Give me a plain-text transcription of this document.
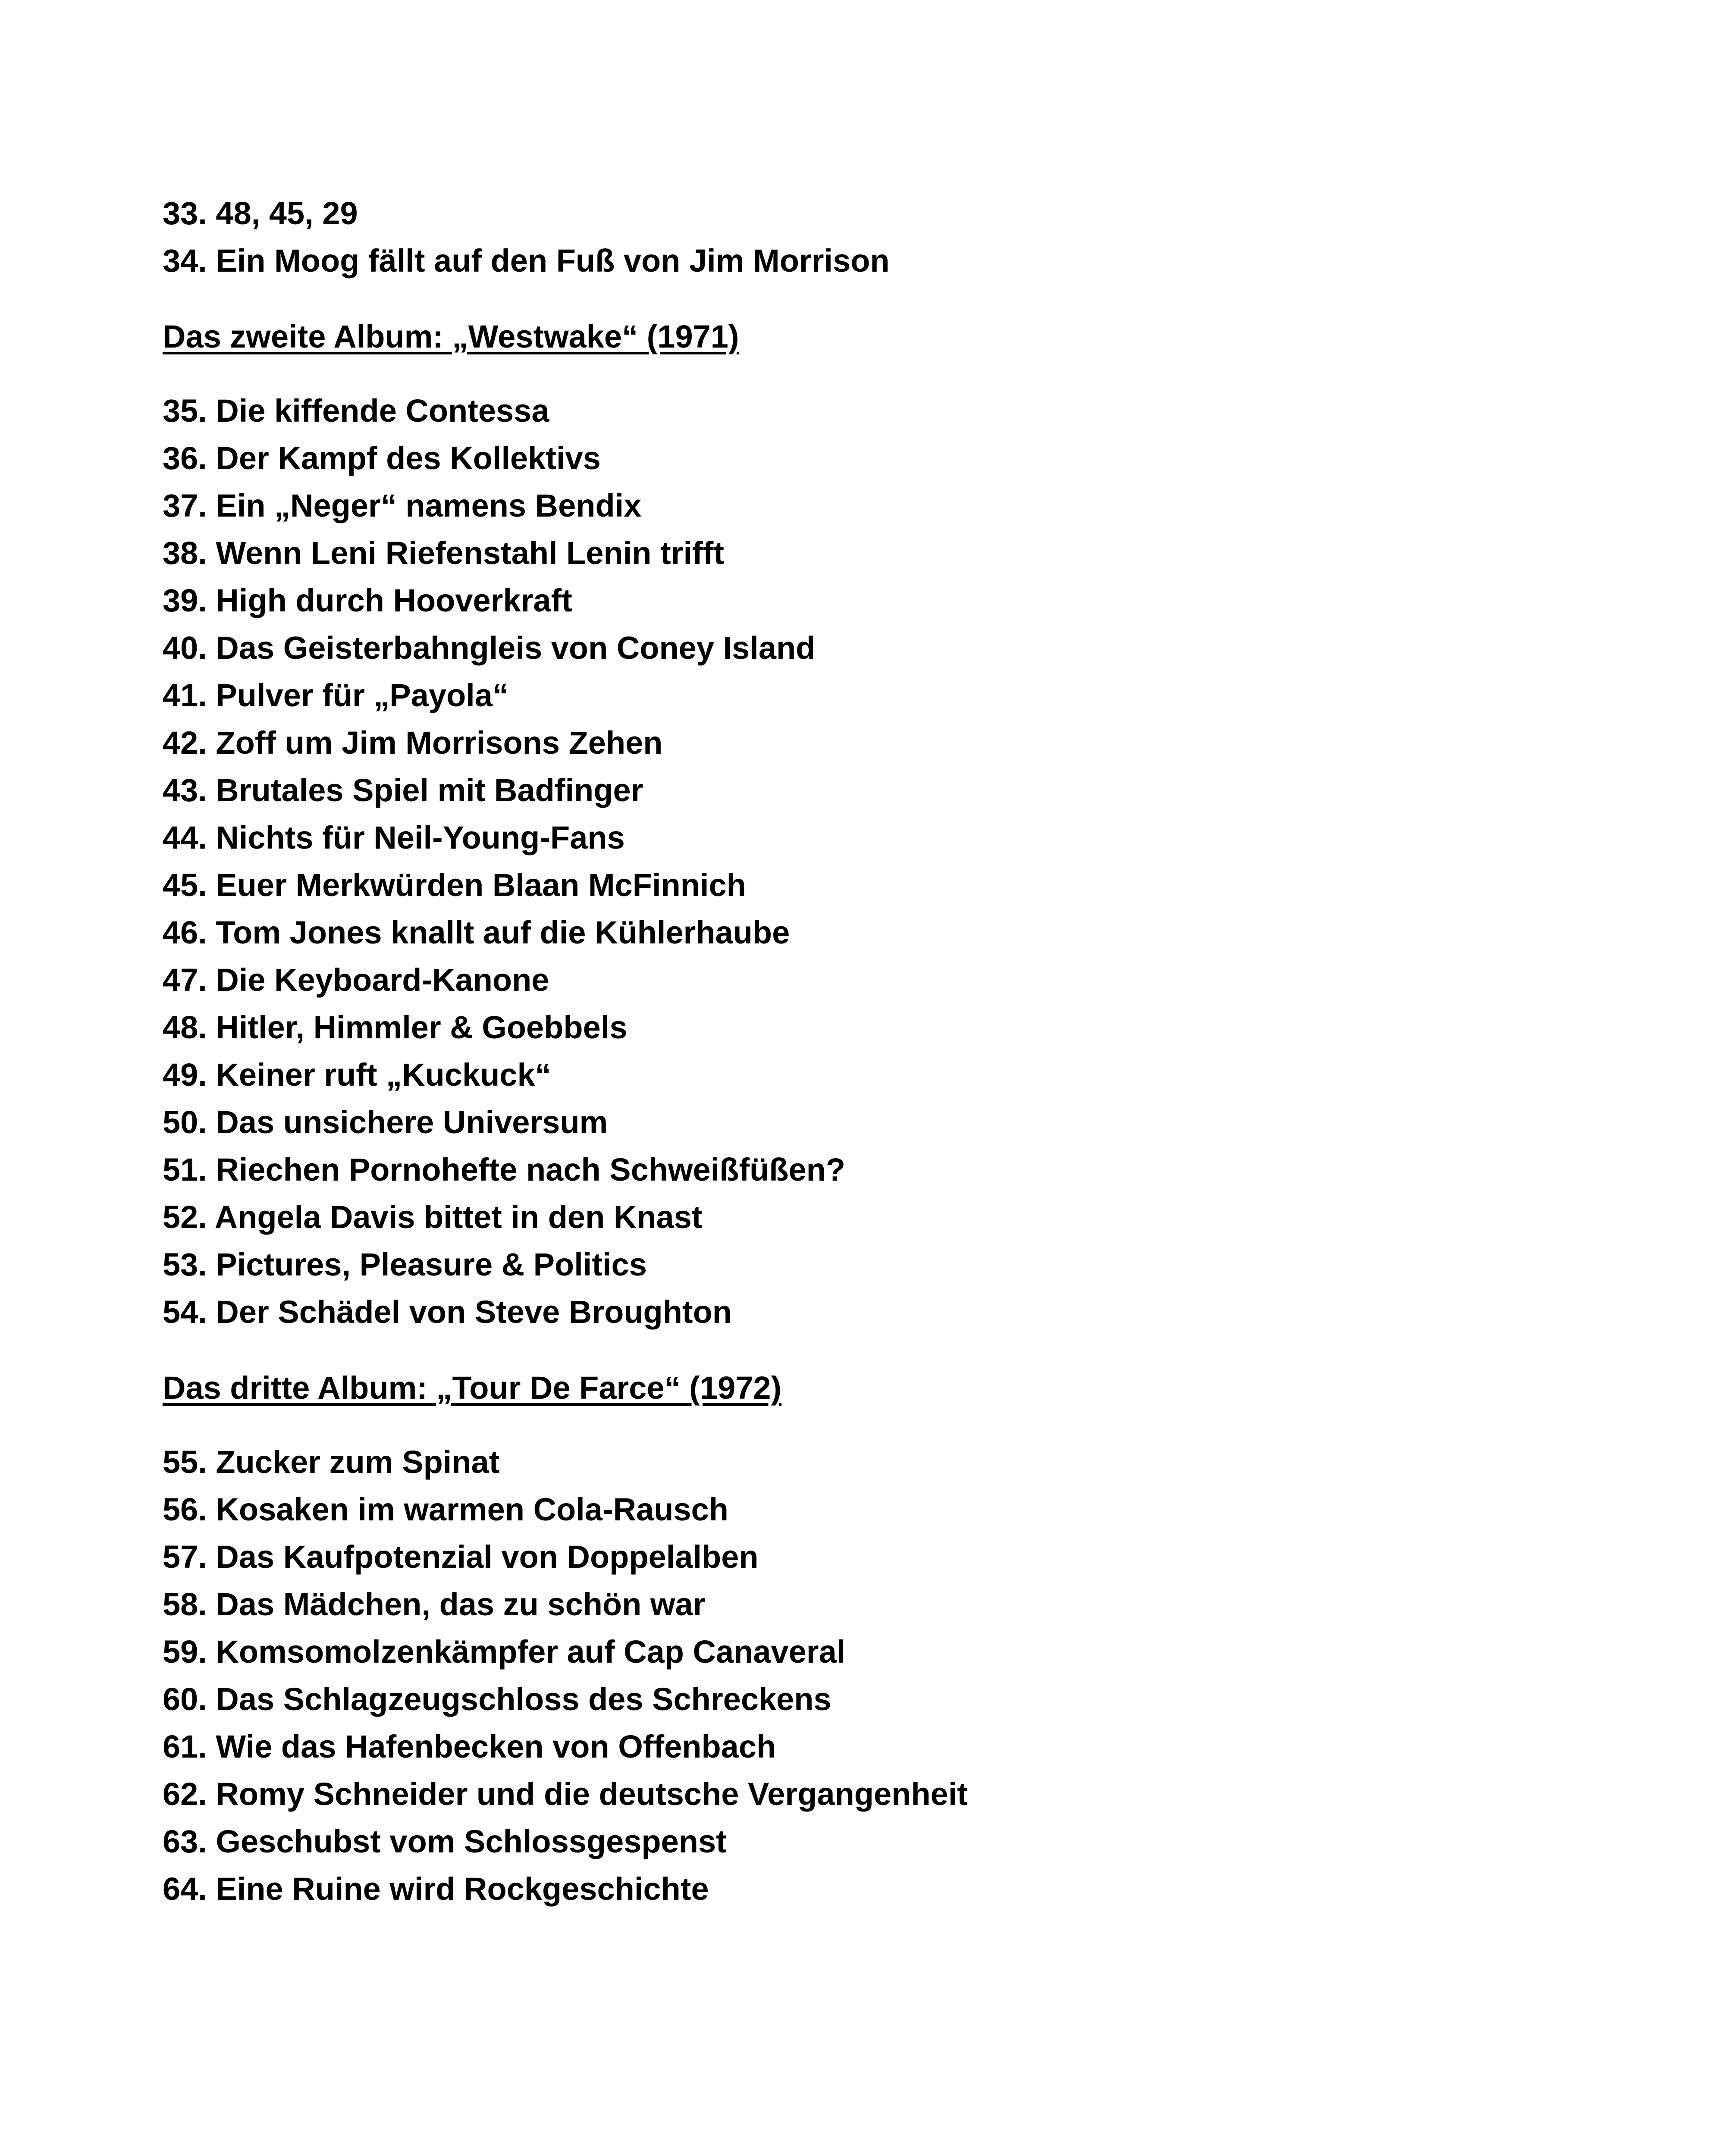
33. 48, 45, 29
34. Ein Moog fällt auf den Fuß von Jim Morrison
Das zweite Album: „Westwake“ (1971)
35. Die kiffende Contessa
36. Der Kampf des Kollektivs
37. Ein „Neger“ namens Bendix
38. Wenn Leni Riefenstahl Lenin trifft
39. High durch Hooverkraft
40. Das Geisterbahngleis von Coney Island
41. Pulver für „Payola“
42. Zoff um Jim Morrisons Zehen
43. Brutales Spiel mit Badfinger
44. Nichts für Neil-Young-Fans
45. Euer Merkwürden Blaan McFinnich
46. Tom Jones knallt auf die Kühlerhaube
47. Die Keyboard-Kanone
48. Hitler, Himmler & Goebbels
49. Keiner ruft „Kuckuck“
50. Das unsichere Universum
51. Riechen Pornohefte nach Schweißfüßen?
52. Angela Davis bittet in den Knast
53. Pictures, Pleasure & Politics
54. Der Schädel von Steve Broughton
Das dritte Album: „Tour De Farce“ (1972)
55. Zucker zum Spinat
56. Kosaken im warmen Cola-Rausch
57. Das Kaufpotenzial von Doppelalben
58. Das Mädchen, das zu schön war
59. Komsomolzenkämpfer auf Cap Canaveral
60. Das Schlagzeugschloss des Schreckens
61. Wie das Hafenbecken von Offenbach
62. Romy Schneider und die deutsche Vergangenheit
63. Geschubst vom Schlossgespenst
64. Eine Ruine wird Rockgeschichte
